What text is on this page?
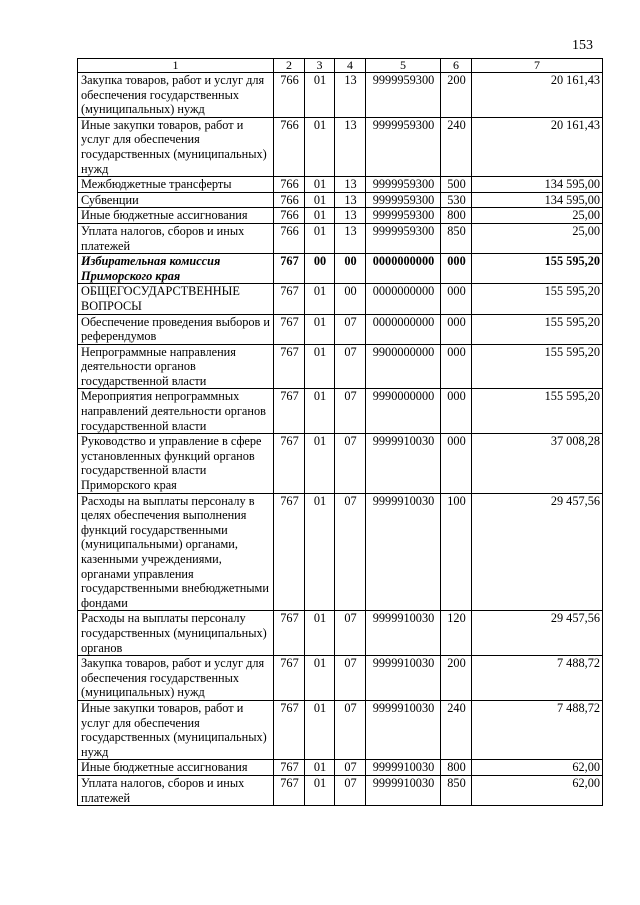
153
1	2	3	4	5	6	7
Закупка товаров, работ и услуг для обеспечения государственных (муниципальных) нужд	766	01	13	9999959300	200	20 161,43
Иные закупки товаров, работ и услуг для обеспечения государственных (муниципальных) нужд	766	01	13	9999959300	240	20 161,43
Межбюджетные трансферты	766	01	13	9999959300	500	134 595,00
Субвенции	766	01	13	9999959300	530	134 595,00
Иные бюджетные ассигнования	766	01	13	9999959300	800	25,00
Уплата налогов, сборов и иных платежей	766	01	13	9999959300	850	25,00
Избирательная комиссия Приморского края	767	00	00	0000000000	000	155 595,20
ОБЩЕГОСУДАРСТВЕННЫЕ ВОПРОСЫ	767	01	00	0000000000	000	155 595,20
Обеспечение проведения выборов и референдумов	767	01	07	0000000000	000	155 595,20
Непрограммные направления деятельности органов государственной власти	767	01	07	9900000000	000	155 595,20
Мероприятия непрограммных направлений деятельности органов государственной власти	767	01	07	9990000000	000	155 595,20
Руководство и управление в сфере установленных функций органов государственной власти Приморского края	767	01	07	9999910030	000	37 008,28
Расходы на выплаты персоналу в целях обеспечения выполнения функций государственными (муниципальными) органами, казенными учреждениями, органами управления государственными внебюджетными фондами	767	01	07	9999910030	100	29 457,56
Расходы на выплаты персоналу государственных (муниципальных) органов	767	01	07	9999910030	120	29 457,56
Закупка товаров, работ и услуг для обеспечения государственных (муниципальных) нужд	767	01	07	9999910030	200	7 488,72
Иные закупки товаров, работ и услуг для обеспечения государственных (муниципальных) нужд	767	01	07	9999910030	240	7 488,72
Иные бюджетные ассигнования	767	01	07	9999910030	800	62,00
Уплата налогов, сборов и иных платежей	767	01	07	9999910030	850	62,00
